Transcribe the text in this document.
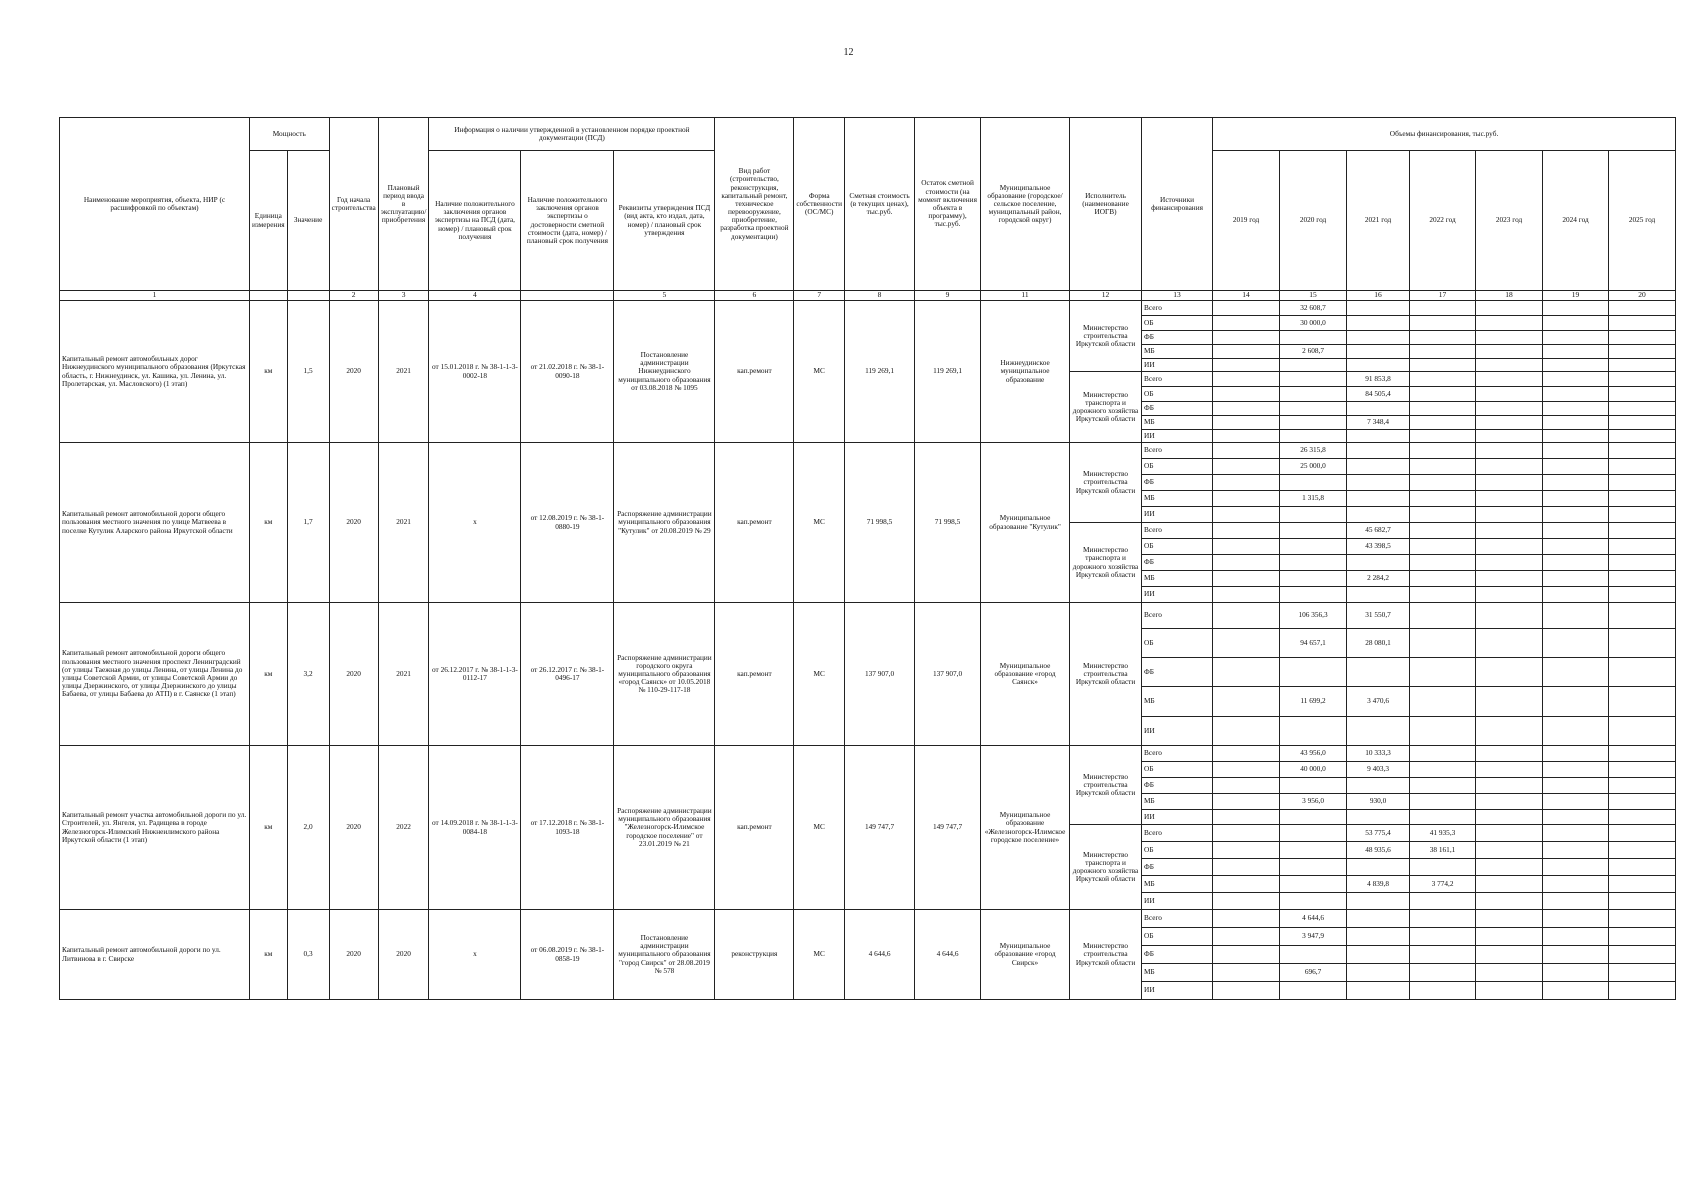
12
Наименование мероприятия, объекта, НИР (с расшифровкой по объектам)	Мощность		Год начала строительства	Плановый период ввода в эксплуатацию/приобретения	Информация о наличии утвержденной в установленном порядке проектной документации (ПСД)			Вид работ (строительство, реконструкция, капитальный ремонт, техническое перевооружение, приобретение, разработка проектной документации)	Форма собственности (ОС/МС)	Сметная стоимость (в текущих ценах), тыс.руб.	Остаток сметной стоимости (на момент включения объекта в программу), тыс.руб.	Муниципальное образование (городское/сельское поселение, муниципальный район, городской округ)	Исполнитель (наименование ИОГВ)	Источники финансирования	Объемы финансирования, тыс.руб.						
	Единица измерения	Значение			Наличие положительного заключения органов экспертизы на ПСД (дата, номер) / плановый срок получения	Наличие положительного заключения органов экспертизы о достоверности сметной стоимости (дата, номер) / плановый срок получения	Реквизиты утверждения ПСД (вид акта, кто издал, дата, номер) / плановый срок утверждения								2019 год	2020 год	2021 год	2022 год	2023 год	2024 год	2025 год
1			2	3	4		5	6	7	8	9	11	12	13	14	15	16	17	18	19	20
Капитальный ремонт автомобильных дорог Нижнеудинского муниципального образования (Иркутская область, г. Нижнеудинск, ул. Кашика, ул. Ленина, ул. Пролетарская, ул. Масловского) (1 этап)	км	1,5	2020	2021	от 15.01.2018 г. № 38-1-1-3-0002-18	от 21.02.2018 г. № 38-1-0090-18	Постановление администрации Нижнеудинского муниципального образования от 03.08.2018 № 1095	кап.ремонт	МС	119 269,1	119 269,1	Нижнеудинское муниципальное образование	Министерство строительства Иркутской области	Всего		32 608,7					
														ОБ		30 000,0					
														ФБ							
														МБ		2 608,7					
														ИИ							
													Министерство транспорта и дорожного хозяйства Иркутской области	Всего			91 853,8				
														ОБ			84 505,4				
														ФБ							
														МБ			7 348,4				
														ИИ							
Капитальный ремонт автомобильной дороги общего пользования местного значения по улице Матвеева в поселке Кутулик Аларского района Иркутской области	км	1,7	2020	2021	х	от 12.08.2019 г. № 38-1-0880-19	Распоряжение администрации муниципального образования "Кутулик" от 20.08.2019 № 29	кап.ремонт	МС	71 998,5	71 998,5	Муниципальное образование "Кутулик"	Министерство строительства Иркутской области	Всего		26 315,8					
														ОБ		25 000,0					
														ФБ							
														МБ		1 315,8					
														ИИ							
													Министерство транспорта и дорожного хозяйства Иркутской области	Всего			45 682,7				
														ОБ			43 398,5				
														ФБ							
														МБ			2 284,2				
														ИИ							
Капитальный ремонт автомобильной дороги общего пользования местного значения проспект Ленинградский (от улицы Таежная до улицы Ленина, от улицы Ленина до улицы Советской Армии, от улицы Советской Армии до улицы Дзержинского, от улицы Дзержинского до улицы Бабаева, от улицы Бабаева до АТП) в г. Саянске (1 этап)	км	3,2	2020	2021	от 26.12.2017 г. № 38-1-1-3-0112-17	от 26.12.2017 г. № 38-1-0496-17	Распоряжение администрации городского округа муниципального образования «город Саянск» от 10.05.2018 № 110-29-117-18	кап.ремонт	МС	137 907,0	137 907,0	Муниципальное образование «город Саянск»	Министерство строительства Иркутской области	Всего		106 356,3	31 550,7				
														ОБ		94 657,1	28 080,1				
														ФБ							
														МБ		11 699,2	3 470,6				
														ИИ							
Капитальный ремонт участка автомобильной дороги по ул. Строителей, ул. Янгеля, ул. Радищева в городе Железногорск-Илимский Нижнеилимского района Иркутской области (1 этап)	км	2,0	2020	2022	от 14.09.2018 г. № 38-1-1-3-0084-18	от 17.12.2018 г. № 38-1-1093-18	Распоряжение администрации муниципального образования "Железногорск-Илимское городское поселение" от 23.01.2019 № 21	кап.ремонт	МС	149 747,7	149 747,7	Муниципальное образование «Железногорск-Илимское городское поселение»	Министерство строительства Иркутской области	Всего		43 956,0	10 333,3				
														ОБ		40 000,0	9 403,3				
														ФБ							
														МБ		3 956,0	930,0				
														ИИ							
													Министерство транспорта и дорожного хозяйства Иркутской области	Всего			53 775,4	41 935,3			
														ОБ			48 935,6	38 161,1			
														ФБ							
														МБ			4 839,8	3 774,2			
														ИИ							
Капитальный ремонт автомобильной дороги по ул. Литвинова в г. Свирске	км	0,3	2020	2020	х	от 06.08.2019 г. № 38-1-0858-19	Постановление администрации муниципального образования "город Свирск" от 28.08.2019 № 578	реконструкция	МС	4 644,6	4 644,6	Муниципальное образование «город Свирск»	Министерство строительства Иркутской области	Всего		4 644,6					
														ОБ		3 947,9					
														ФБ							
														МБ		696,7					
														ИИ							
